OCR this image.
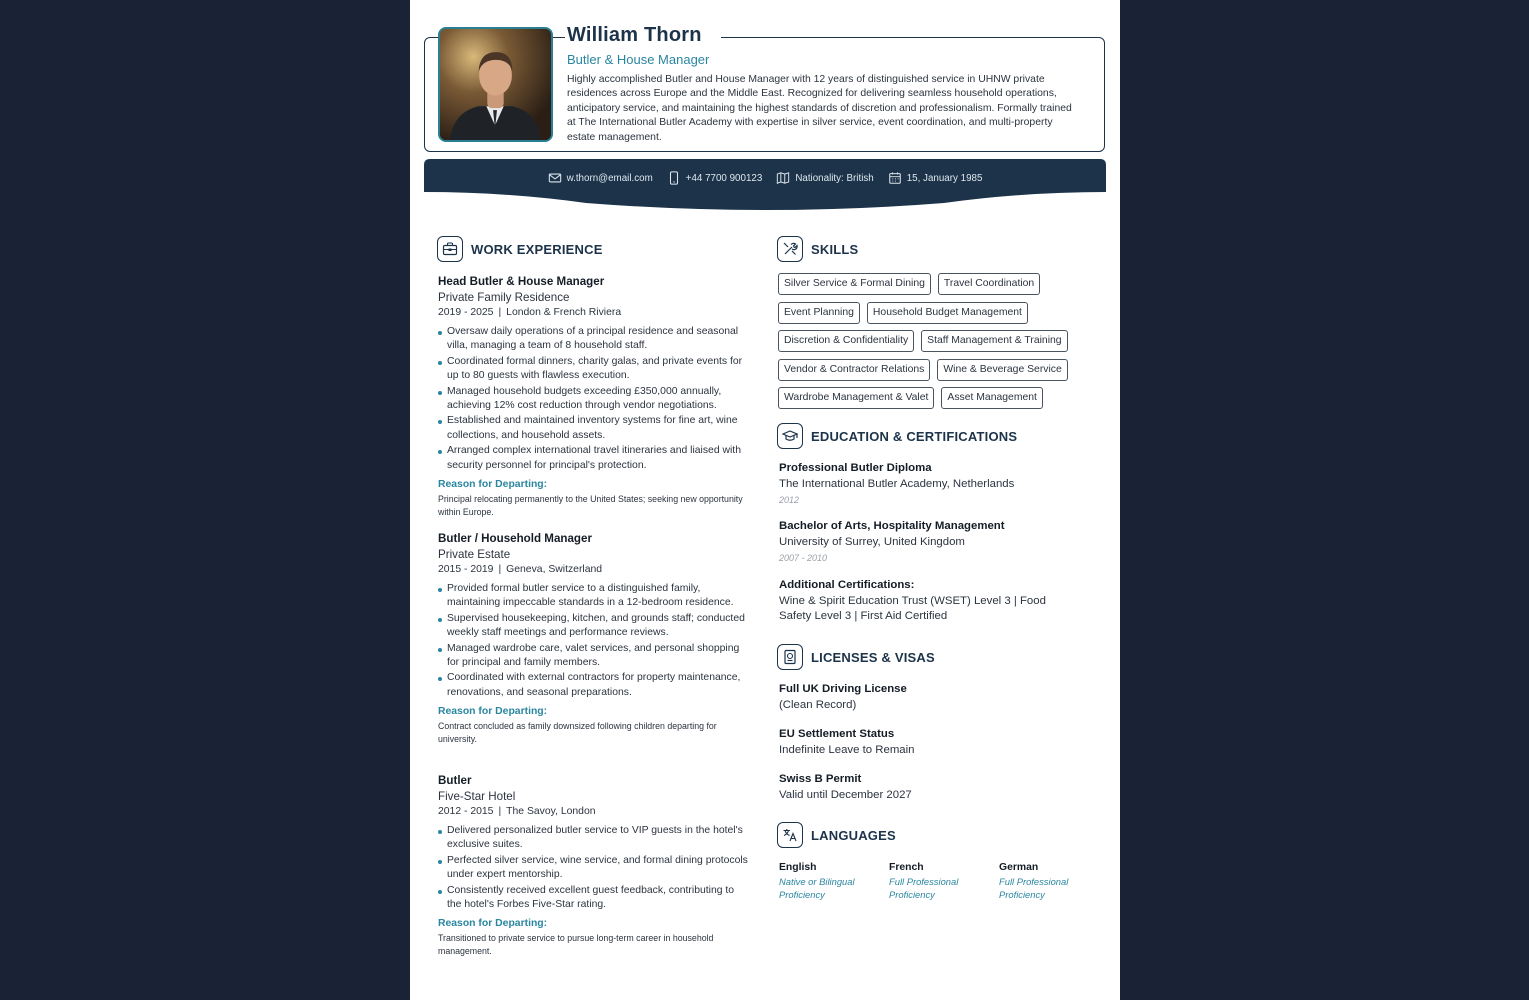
William Thorn
Butler & House Manager
Highly accomplished Butler and House Manager with 12 years of distinguished service in UHNW private residences across Europe and the Middle East. Recognized for delivering seamless household operations, anticipatory service, and maintaining the highest standards of discretion and professionalism. Formally trained at The International Butler Academy with expertise in silver service, event coordination, and multi-property estate management.
w.thorn@email.com	+44 7700 900123	Nationality: British	15, January 1985
WORK EXPERIENCE
Head Butler & House Manager
Private Family Residence
2019 - 2025 | London & French Riviera
Oversaw daily operations of a principal residence and seasonal villa, managing a team of 8 household staff.
Coordinated formal dinners, charity galas, and private events for up to 80 guests with flawless execution.
Managed household budgets exceeding £350,000 annually, achieving 12% cost reduction through vendor negotiations.
Established and maintained inventory systems for fine art, wine collections, and household assets.
Arranged complex international travel itineraries and liaised with security personnel for principal's protection.
Reason for Departing:
Principal relocating permanently to the United States; seeking new opportunity within Europe.
Butler / Household Manager
Private Estate
2015 - 2019 | Geneva, Switzerland
Provided formal butler service to a distinguished family, maintaining impeccable standards in a 12-bedroom residence.
Supervised housekeeping, kitchen, and grounds staff; conducted weekly staff meetings and performance reviews.
Managed wardrobe care, valet services, and personal shopping for principal and family members.
Coordinated with external contractors for property maintenance, renovations, and seasonal preparations.
Reason for Departing:
Contract concluded as family downsized following children departing for university.
Butler
Five-Star Hotel
2012 - 2015 | The Savoy, London
Delivered personalized butler service to VIP guests in the hotel's exclusive suites.
Perfected silver service, wine service, and formal dining protocols under expert mentorship.
Consistently received excellent guest feedback, contributing to the hotel's Forbes Five-Star rating.
Reason for Departing:
Transitioned to private service to pursue long-term career in household management.
SKILLS
Silver Service & Formal Dining	Travel Coordination
Event Planning	Household Budget Management
Discretion & Confidentiality	Staff Management & Training
Vendor & Contractor Relations	Wine & Beverage Service
Wardrobe Management & Valet	Asset Management
EDUCATION & CERTIFICATIONS
Professional Butler Diploma
The International Butler Academy, Netherlands
2012
Bachelor of Arts, Hospitality Management
University of Surrey, United Kingdom
2007 - 2010
Additional Certifications:
Wine & Spirit Education Trust (WSET) Level 3 | Food Safety Level 3 | First Aid Certified
LICENSES & VISAS
Full UK Driving License
(Clean Record)
EU Settlement Status
Indefinite Leave to Remain
Swiss B Permit
Valid until December 2027
LANGUAGES
English
Native or Bilingual Proficiency
French
Full Professional Proficiency
German
Full Professional Proficiency
